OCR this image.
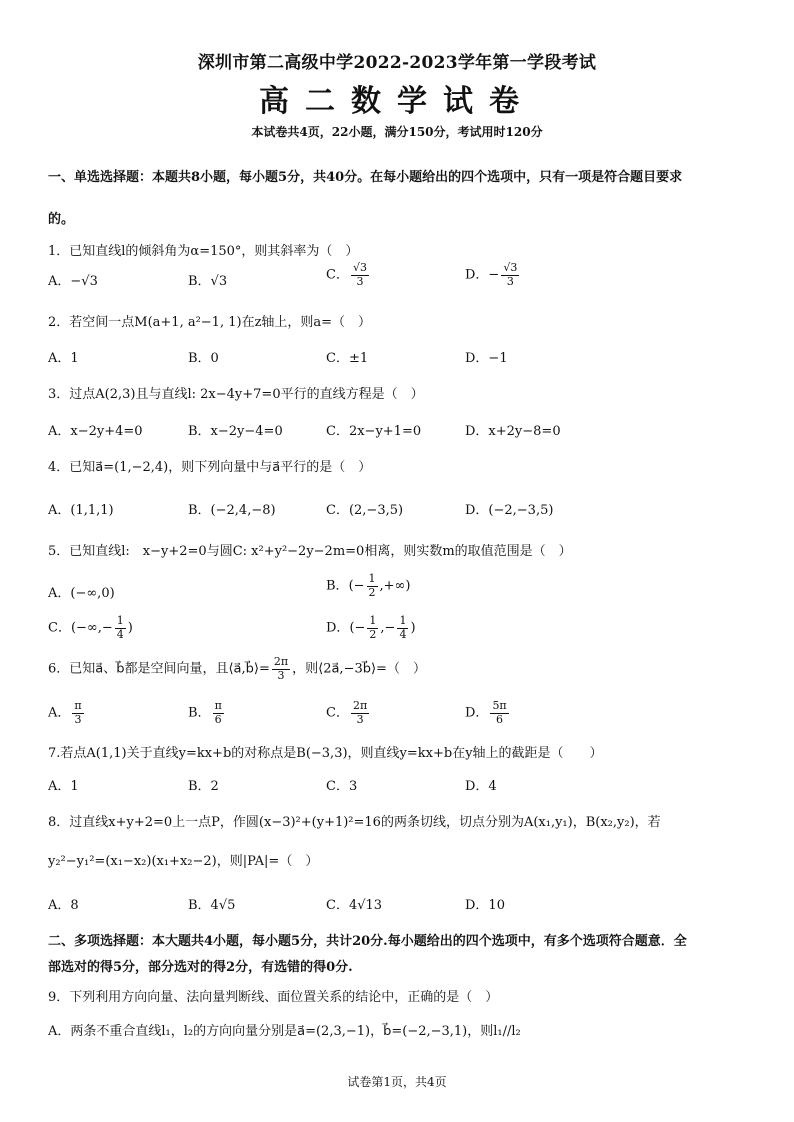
深圳市第二高级中学2022-2023学年第一学段考试
高二数学试卷
本试卷共4页，22小题，满分150分，考试用时120分
一、单选选择题：本题共8小题，每小题5分，共40分。在每小题给出的四个选项中，只有一项是符合题目要求
的。
1．已知直线l的倾斜角为α=150°，则其斜率为（　）
A．−√3	B．√3	C． $\frac{√3}{3}$	D．− $\frac{√3}{3}$
2．若空间一点M(a+1, a²−1, 1)在z轴上，则a=（　）
A．1	B．0	C．±1	D．−1
3．过点A(2,3)且与直线l: 2x−4y+7=0平行的直线方程是（　）
A．x−2y+4=0	B．x−2y−4=0	C．2x−y+1=0	D．x+2y−8=0
4．已知a⃗=(1,−2,4)，则下列向量中与a⃗平行的是（　）
A．(1,1,1)	B．(−2,4,−8)	C．(2,−3,5)	D．(−2,−3,5)
5．已知直线l:　x−y+2=0与圆C: x²+y²−2y−2m=0相离，则实数m的取值范围是（　）
A．(−∞,0)	B．(− $\frac{1}{2}$ ,+∞)
C．(−∞,− $\frac{1}{4}$ )	D．(− $\frac{1}{2}$ ,− $\frac{1}{4}$ )
6．已知a⃗、b⃗都是空间向量，且⟨a⃗,b⃗⟩= $\frac{2\pi}{3}$ ，则⟨2a⃗,−3b⃗⟩=（　）
A． $\frac{\pi}{3}$	B． $\frac{\pi}{6}$	C． $\frac{2\pi}{3}$	D． $\frac{5\pi}{6}$
7.若点A(1,1)关于直线y=kx+b的对称点是B(−3,3)，则直线y=kx+b在y轴上的截距是（　　）
A．1	B．2	C．3	D．4
8．过直线x+y+2=0上一点P，作圆(x−3)²+(y+1)²=16的两条切线，切点分别为A(x₁,y₁)，B(x₂,y₂)，若
y₂²−y₁²=(x₁−x₂)(x₁+x₂−2)，则|PA|=（　）
A．8	B．4√5	C．4√13	D．10
二、多项选择题：本大题共4小题，每小题5分，共计20分.每小题给出的四个选项中，有多个选项符合题意．全
部选对的得5分，部分选对的得2分，有选错的得0分.
9．下列利用方向向量、法向量判断线、面位置关系的结论中，正确的是（　）
A．两条不重合直线l₁，l₂的方向向量分别是a⃗=(2,3,−1)，b⃗=(−2,−3,1)，则l₁//l₂
试卷第1页，共4页
